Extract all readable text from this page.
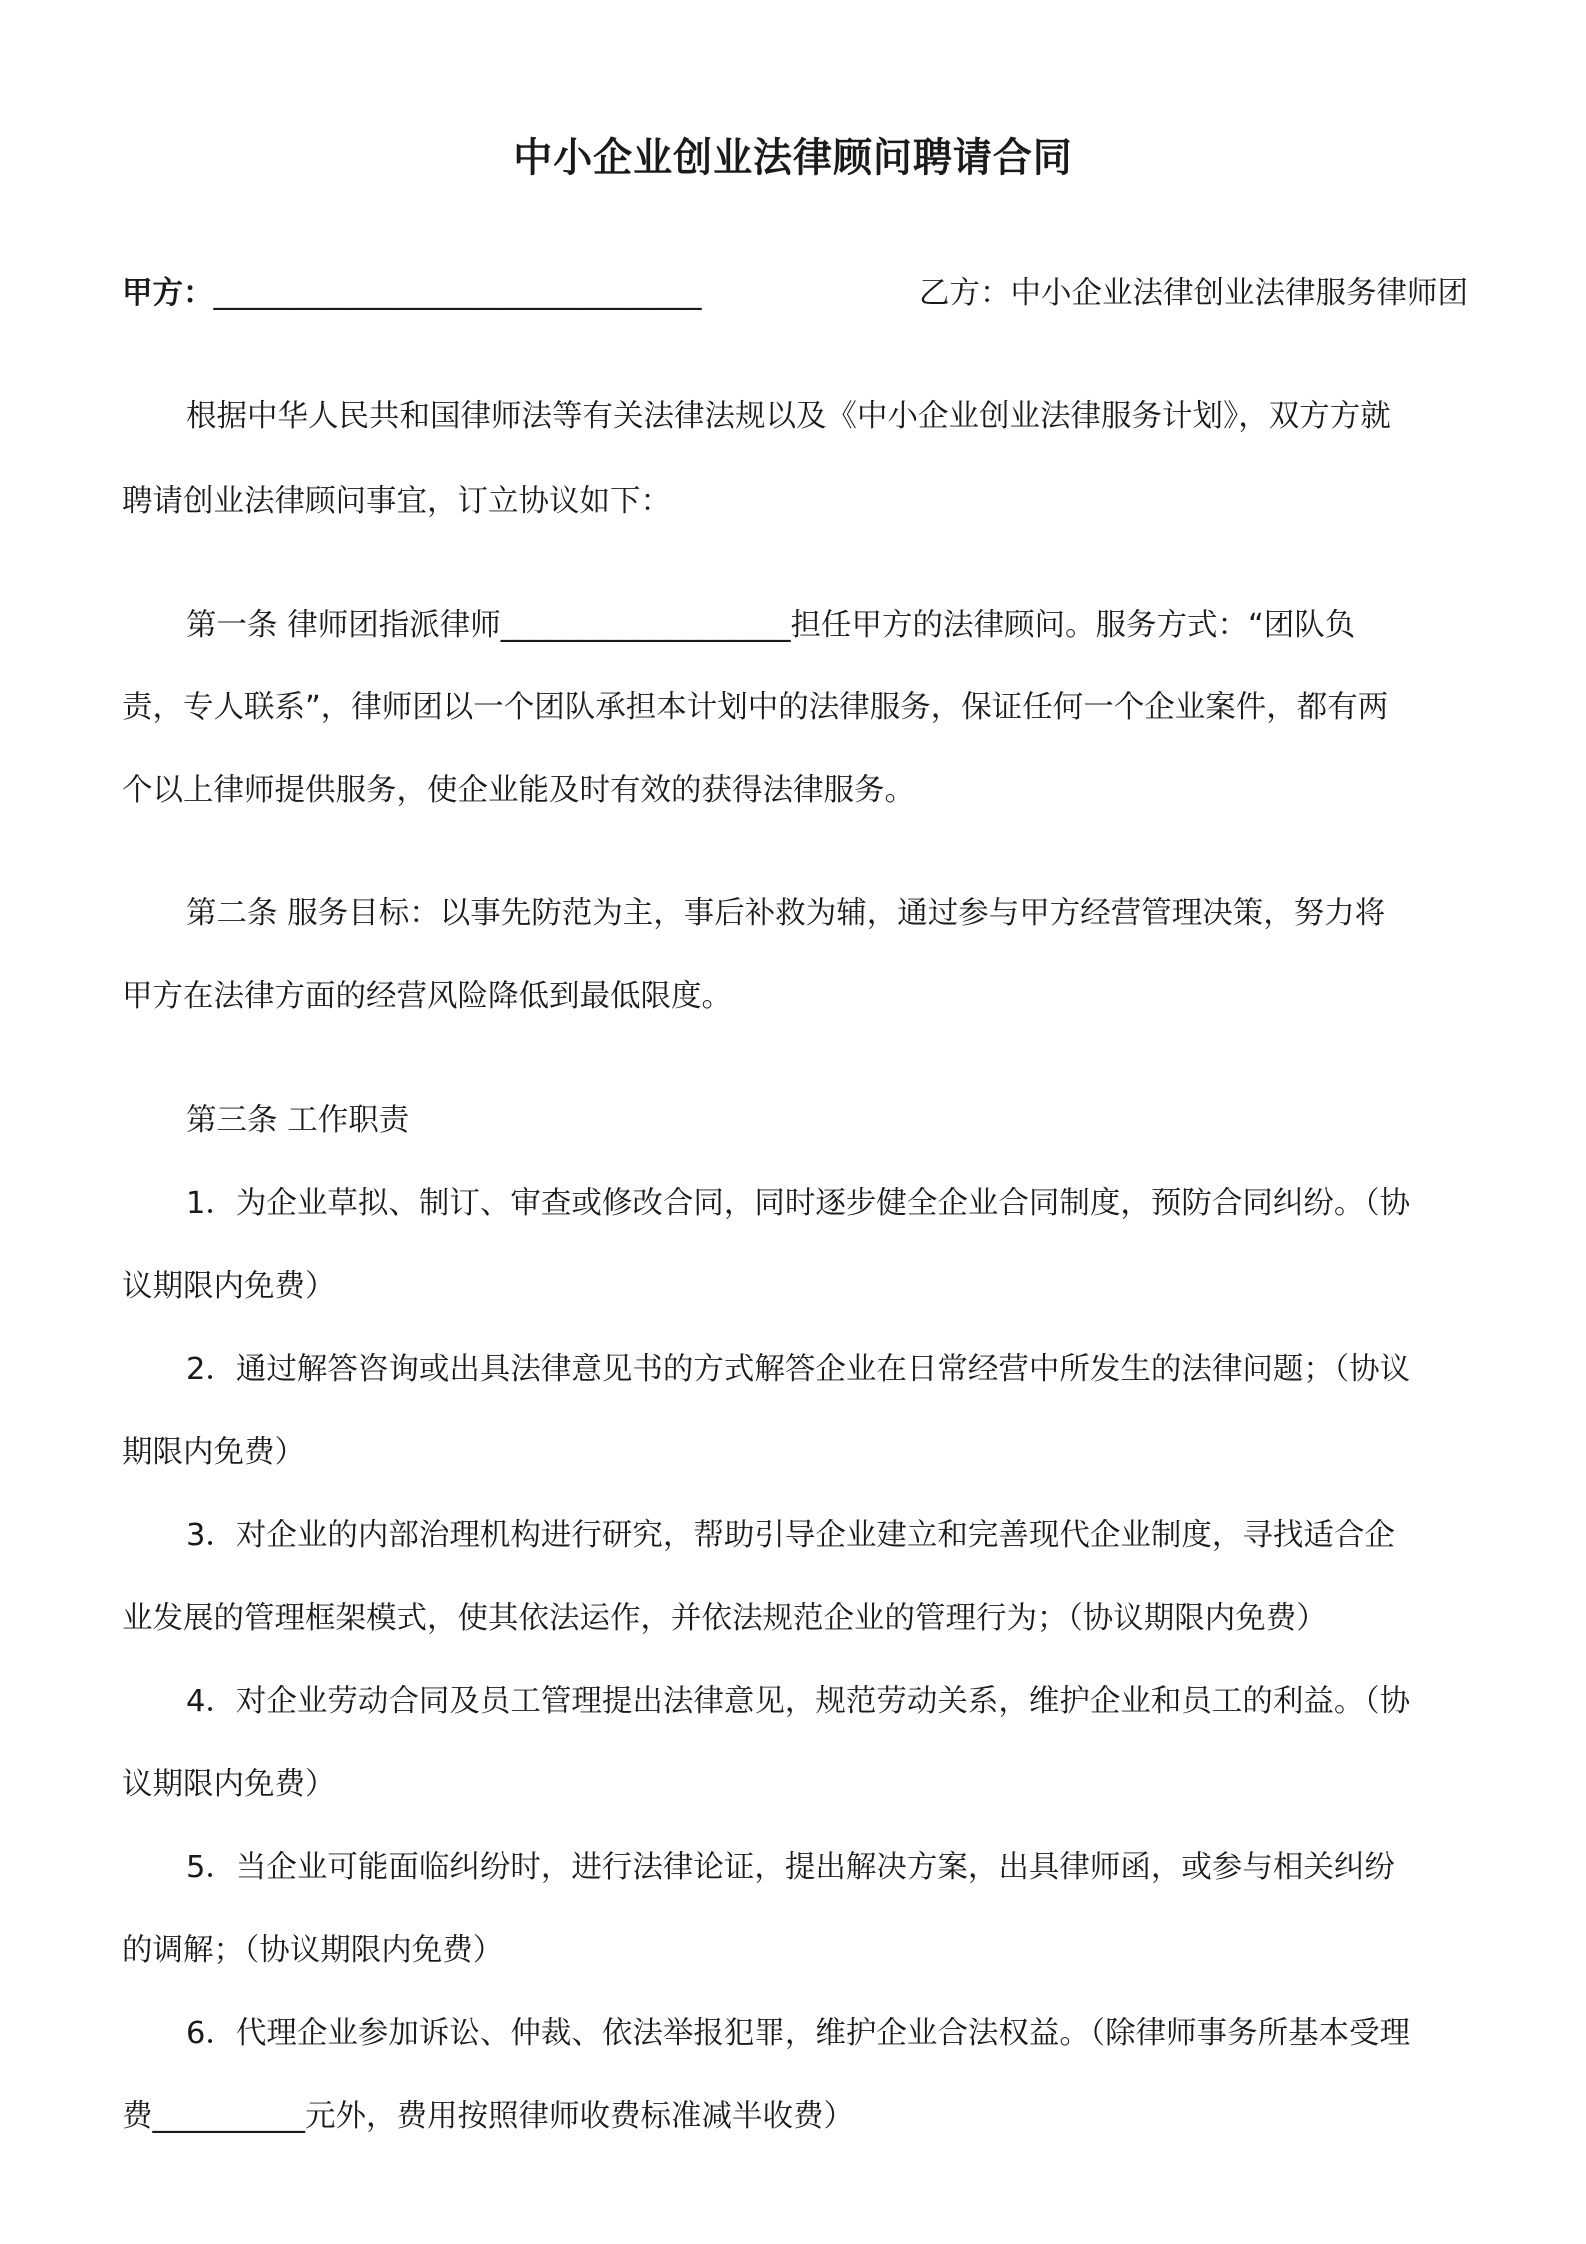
中小企业创业法律顾问聘请合同
甲方：________________________________	乙方：中小企业法律创业法律服务律师团
根据中华人民共和国律师法等有关法律法规以及《中小企业创业法律服务计划》，双方方就
聘请创业法律顾问事宜，订立协议如下：
第一条 律师团指派律师___________________担任甲方的法律顾问。服务方式：“团队负
责，专人联系”，律师团以一个团队承担本计划中的法律服务，保证任何一个企业案件，都有两
个以上律师提供服务，使企业能及时有效的获得法律服务。
第二条 服务目标：以事先防范为主，事后补救为辅，通过参与甲方经营管理决策，努力将
甲方在法律方面的经营风险降低到最低限度。
第三条 工作职责
1．为企业草拟、制订、审查或修改合同，同时逐步健全企业合同制度，预防合同纠纷。（协
议期限内免费）
2．通过解答咨询或出具法律意见书的方式解答企业在日常经营中所发生的法律问题；（协议
期限内免费）
3．对企业的内部治理机构进行研究，帮助引导企业建立和完善现代企业制度，寻找适合企
业发展的管理框架模式，使其依法运作，并依法规范企业的管理行为；（协议期限内免费）
4．对企业劳动合同及员工管理提出法律意见，规范劳动关系，维护企业和员工的利益。（协
议期限内免费）
5．当企业可能面临纠纷时，进行法律论证，提出解决方案，出具律师函，或参与相关纠纷
的调解；（协议期限内免费）
6．代理企业参加诉讼、仲裁、依法举报犯罪，维护企业合法权益。（除律师事务所基本受理
费__________元外，费用按照律师收费标准减半收费）
